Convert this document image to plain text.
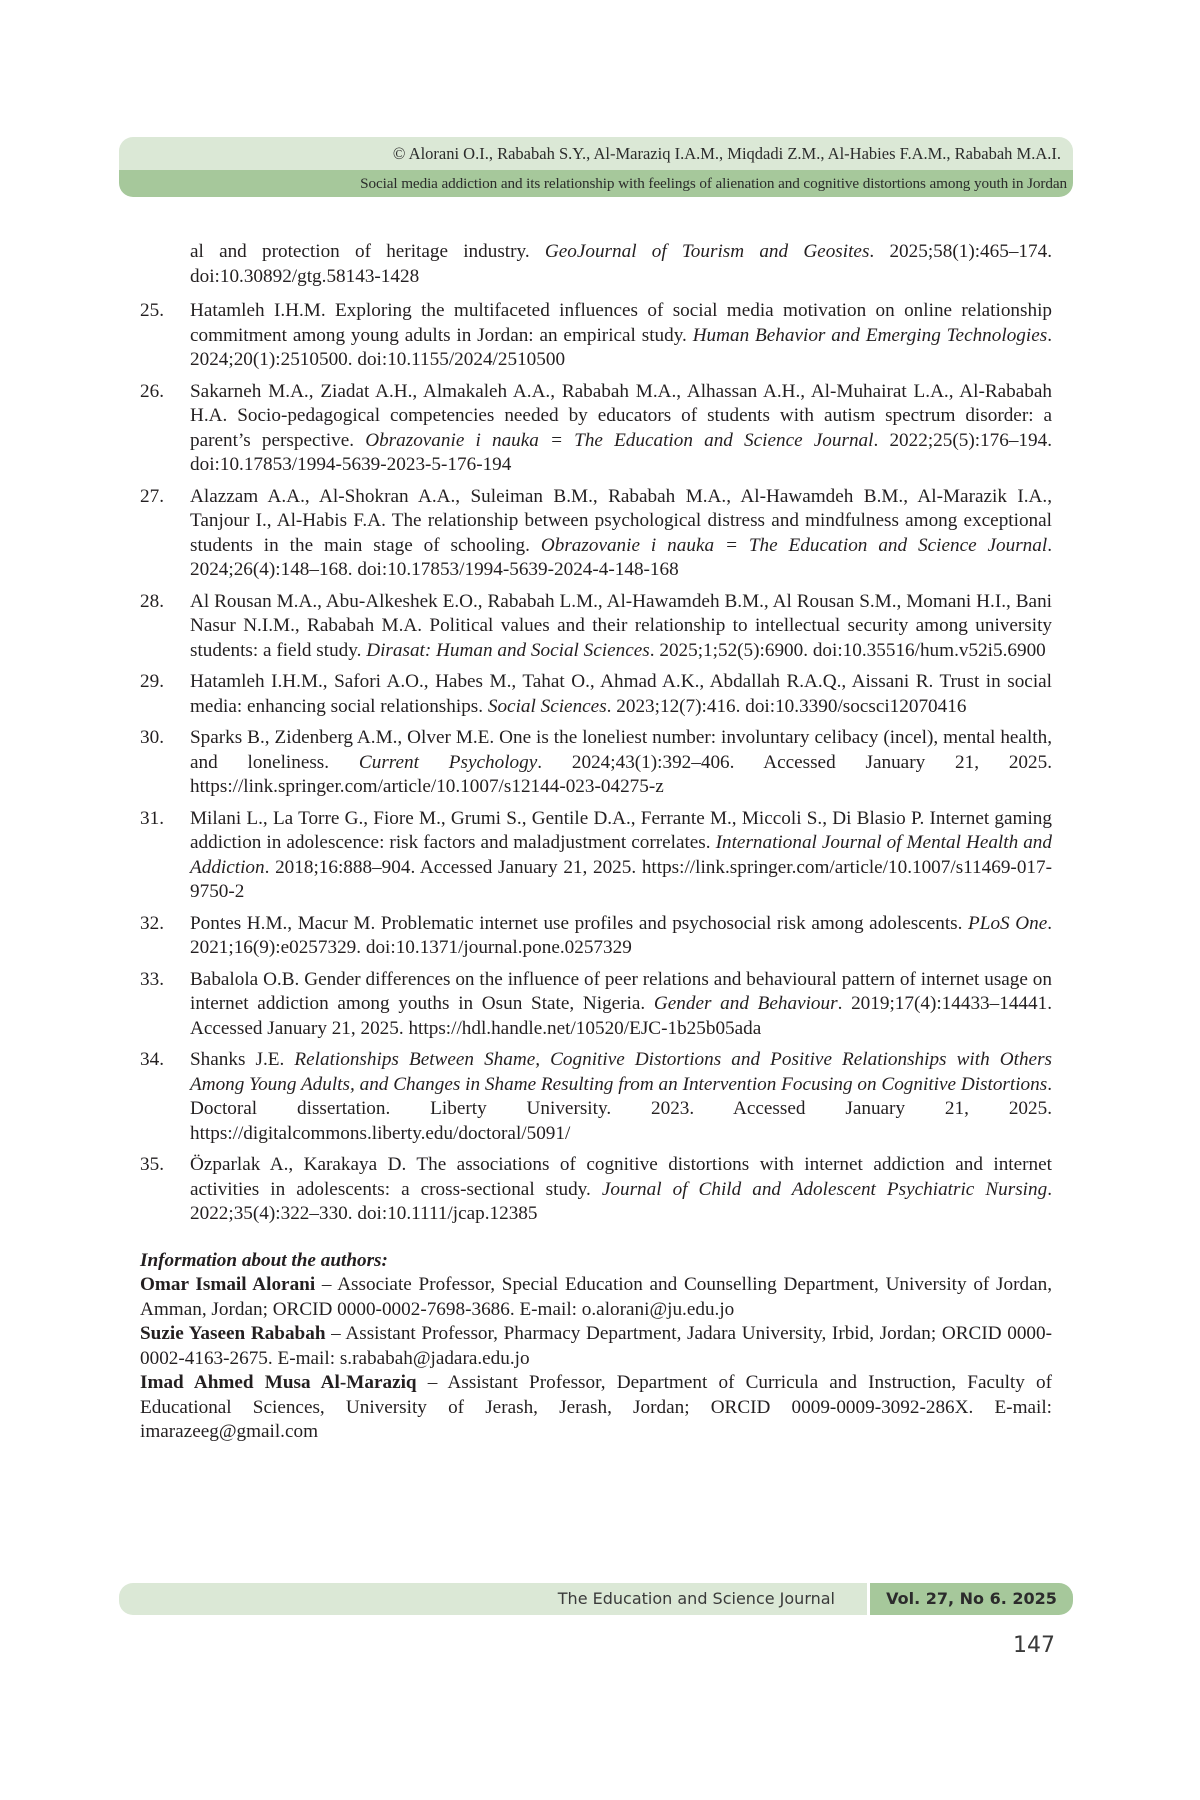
© Alorani O.I., Rababah S.Y., Al-Maraziq I.A.M., Miqdadi Z.M., Al-Habies F.A.M., Rababah M.A.I.
Social media addiction and its relationship with feelings of alienation and cognitive distortions among youth in Jordan
al and protection of heritage industry. GeoJournal of Tourism and Geosites. 2025;58(1):465–174. doi:10.30892/gtg.58143-1428
25. Hatamleh I.H.M. Exploring the multifaceted influences of social media motivation on online relationship commitment among young adults in Jordan: an empirical study. Human Behavior and Emerging Technologies. 2024;20(1):2510500. doi:10.1155/2024/2510500
26. Sakarneh M.A., Ziadat A.H., Almakaleh A.A., Rababah M.A., Alhassan A.H., Al-Muhairat L.A., Al-Rababah H.A. Socio-pedagogical competencies needed by educators of students with autism spectrum disorder: a parent’s perspective. Obrazovanie i nauka = The Education and Science Journal. 2022;25(5):176–194. doi:10.17853/1994-5639-2023-5-176-194
27. Alazzam A.A., Al-Shokran A.A., Suleiman B.M., Rababah M.A., Al-Hawamdeh B.M., Al-Marazik I.A., Tanjour I., Al-Habis F.A. The relationship between psychological distress and mindfulness among exceptional students in the main stage of schooling. Obrazovanie i nauka = The Education and Science Journal. 2024;26(4):148–168. doi:10.17853/1994-5639-2024-4-148-168
28. Al Rousan M.A., Abu-Alkeshek E.O., Rababah L.M., Al-Hawamdeh B.M., Al Rousan S.M., Momani H.I., Bani Nasur N.I.M., Rababah M.A. Political values and their relationship to intellectual security among university students: a field study. Dirasat: Human and Social Sciences. 2025;1;52(5):6900. doi:10.35516/hum.v52i5.6900
29. Hatamleh I.H.M., Safori A.O., Habes M., Tahat O., Ahmad A.K., Abdallah R.A.Q., Aissani R. Trust in social media: enhancing social relationships. Social Sciences. 2023;12(7):416. doi:10.3390/socsci12070416
30. Sparks B., Zidenberg A.M., Olver M.E. One is the loneliest number: involuntary celibacy (incel), mental health, and loneliness. Current Psychology. 2024;43(1):392–406. Accessed January 21, 2025. https://link.springer.com/article/10.1007/s12144-023-04275-z
31. Milani L., La Torre G., Fiore M., Grumi S., Gentile D.A., Ferrante M., Miccoli S., Di Blasio P. Internet gaming addiction in adolescence: risk factors and maladjustment correlates. International Journal of Mental Health and Addiction. 2018;16:888–904. Accessed January 21, 2025. https://link.springer.com/article/10.1007/s11469-017-9750-2
32. Pontes H.M., Macur M. Problematic internet use profiles and psychosocial risk among adolescents. PLoS One. 2021;16(9):e0257329. doi:10.1371/journal.pone.0257329
33. Babalola O.B. Gender differences on the influence of peer relations and behavioural pattern of internet usage on internet addiction among youths in Osun State, Nigeria. Gender and Behaviour. 2019;17(4):14433–14441. Accessed January 21, 2025. https://hdl.handle.net/10520/EJC-1b25b05ada
34. Shanks J.E. Relationships Between Shame, Cognitive Distortions and Positive Relationships with Others Among Young Adults, and Changes in Shame Resulting from an Intervention Focusing on Cognitive Distortions. Doctoral dissertation. Liberty University. 2023. Accessed January 21, 2025. https://digitalcommons.liberty.edu/doctoral/5091/
35. Özparlak A., Karakaya D. The associations of cognitive distortions with internet addiction and internet activities in adolescents: a cross-sectional study. Journal of Child and Adolescent Psychiatric Nursing. 2022;35(4):322–330. doi:10.1111/jcap.12385
Information about the authors:
Omar Ismail Alorani – Associate Professor, Special Education and Counselling Department, University of Jordan, Amman, Jordan; ORCID 0000-0002-7698-3686. E-mail: o.alorani@ju.edu.jo
Suzie Yaseen Rababah – Assistant Professor, Pharmacy Department, Jadara University, Irbid, Jordan; ORCID 0000-0002-4163-2675. E-mail: s.rababah@jadara.edu.jo
Imad Ahmed Musa Al-Maraziq – Assistant Professor, Department of Curricula and Instruction, Faculty of Educational Sciences, University of Jerash, Jerash, Jordan; ORCID 0009-0009-3092-286X. E-mail: imarazeeg@gmail.com
The Education and Science Journal	Vol. 27, No 6. 2025
147
